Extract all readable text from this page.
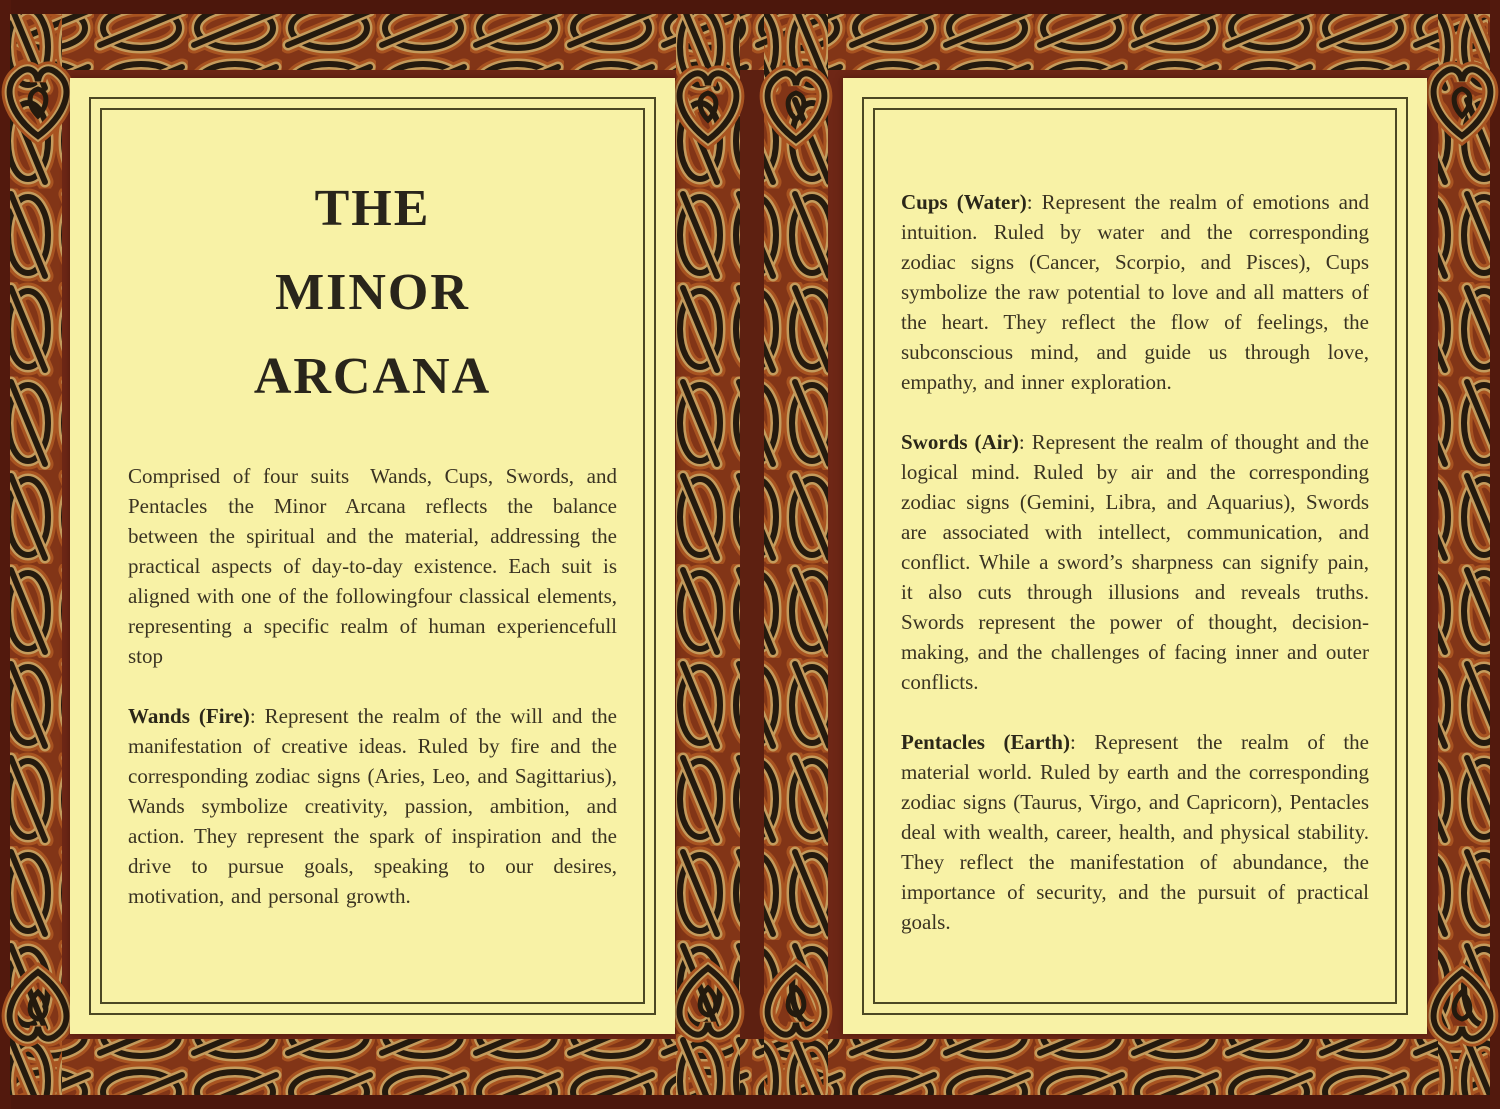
THE
MINOR
ARCANA

Comprised of four suits  Wands, Cups, Swords, and Pentacles  the Minor Arcana reflects the balance between the spiritual and the material, addressing the practical aspects of day-to-day existence. Each suit is aligned with one of the followingfour classical elements, representing a specific realm of human experiencefull stop

Wands (Fire): Represent the realm of the will and the manifestation of creative ideas. Ruled by fire and the corresponding zodiac signs (Aries, Leo, and Sagittarius), Wands symbolize creativity, passion, ambition, and action. They represent the spark of inspiration and the drive to pursue goals, speaking to our desires, motivation, and personal growth.

Cups (Water): Represent the realm of emotions and intuition. Ruled by water and the corresponding zodiac signs (Cancer, Scorpio, and Pisces), Cups symbolize the raw potential to love and all matters of the heart. They reflect the flow of feelings, the subconscious mind, and guide us through love, empathy, and inner exploration.

Swords (Air): Represent the realm of thought and the logical mind. Ruled by air and the corresponding zodiac signs (Gemini, Libra, and Aquarius), Swords are associated with intellect, communication, and conflict. While a sword’s sharpness can signify pain, it also cuts through illusions and reveals truths. Swords represent the power of thought, decision-making, and the challenges of facing inner and outer conflicts.

Pentacles (Earth): Represent the realm of the material world. Ruled by earth and the corresponding zodiac signs (Taurus, Virgo, and Capricorn), Pentacles deal with wealth, career, health, and physical stability. They reflect the manifestation of abundance, the importance of security, and the pursuit of practical goals.
